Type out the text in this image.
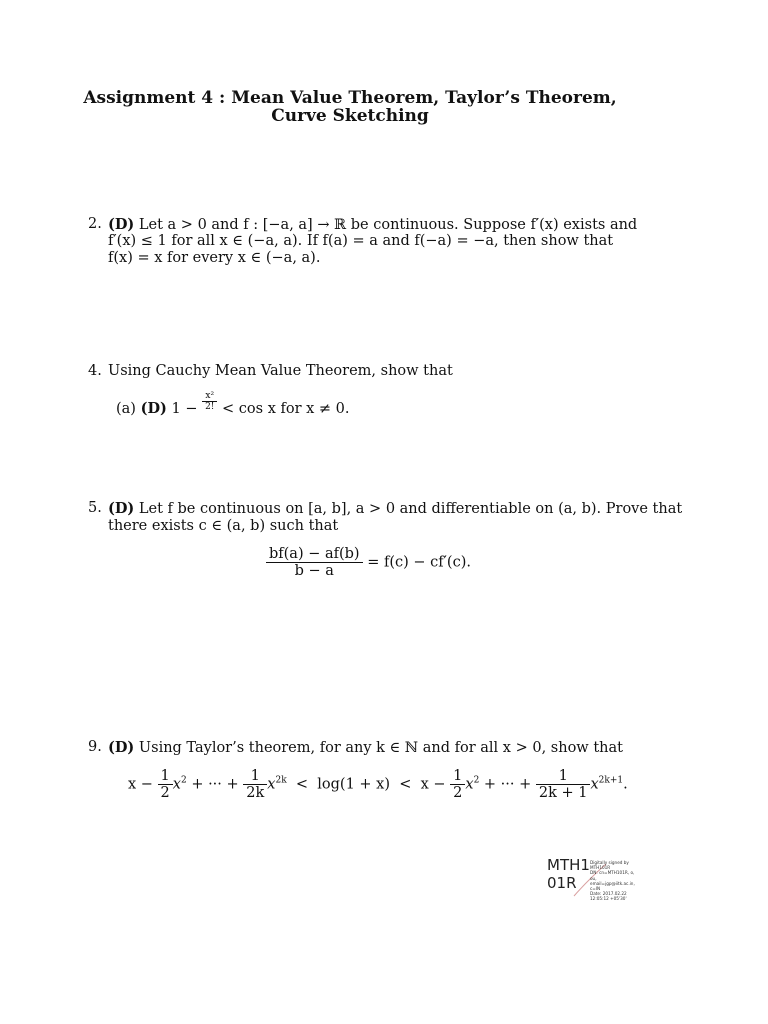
Assignment 4 : Mean Value Theorem, Taylor’s Theorem,
Curve Sketching
2. (D) Let a > 0 and f : [−a, a] → ℝ be continuous. Suppose f′(x) exists and
f′(x) ≤ 1 for all x ∈ (−a, a). If f(a) = a and f(−a) = −a, then show that
f(x) = x for every x ∈ (−a, a).
4. Using Cauchy Mean Value Theorem, show that
(a) (D) $1 - \frac{\text{x²}}{2!} < \cos x$ for x ≠ 0.
5. (D) Let f be continuous on [a, b], a > 0 and differentiable on (a, b). Prove that
there exists c ∈ (a, b) such that
$\frac{bf(a) - af(b)}{b - a} = f(c) - cf'(c)$.
9. (D) Using Taylor’s theorem, for any k ∈ ℕ and for all x > 0, show that
$x - \frac{1}{2} x^2$ + ··· + $\frac{1}{2k} x^{2k} < \log(1 + x) < x - \frac{1}{2} x^2$ + ··· + $\frac{1}{2k + 1} x^{2k+1}$.
MTH1
01R
Digitally signed by
MTH101R
DN: cn=MTH101R, o,
ou, email=jgp@iitk.ac.in,
c=IN
Date: 2017.02.22
12:05:12 +05'30'
